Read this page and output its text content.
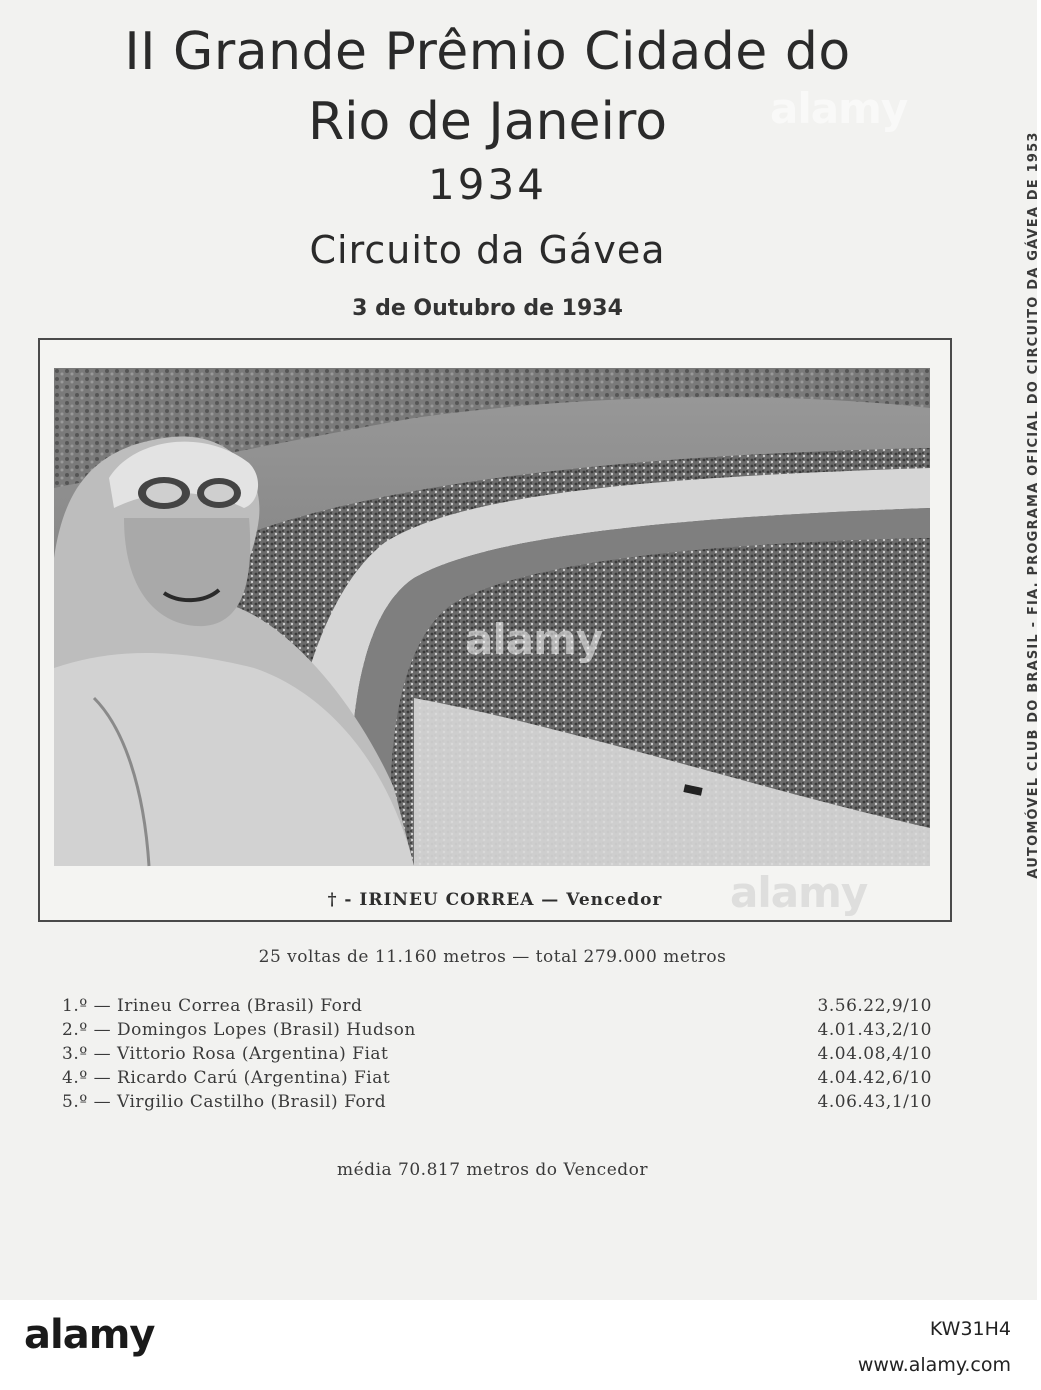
II Grande Prêmio Cidade do
Rio de Janeiro
1934
Circuito da Gávea
3 de Outubro de 1934
† - IRINEU CORREA — Vencedor
25 voltas de 11.160 metros — total 279.000 metros
1.º — Irineu Correa (Brasil) Ford	3.56.22,9/10
2.º — Domingos Lopes (Brasil) Hudson	4.01.43,2/10
3.º — Vittorio Rosa (Argentina) Fiat	4.04.08,4/10
4.º — Ricardo Carú (Argentina) Fiat	4.04.42,6/10
5.º — Virgilio Castilho (Brasil) Ford	4.06.43,1/10
média 70.817 metros do Vencedor
AUTOMÓVEL CLUB DO BRASIL - FIA. PROGRAMA OFICIAL DO CIRCUITO DA GÁVEA DE 1953
alamy
alamy
alamy
alamy	KW31H4
www.alamy.com
